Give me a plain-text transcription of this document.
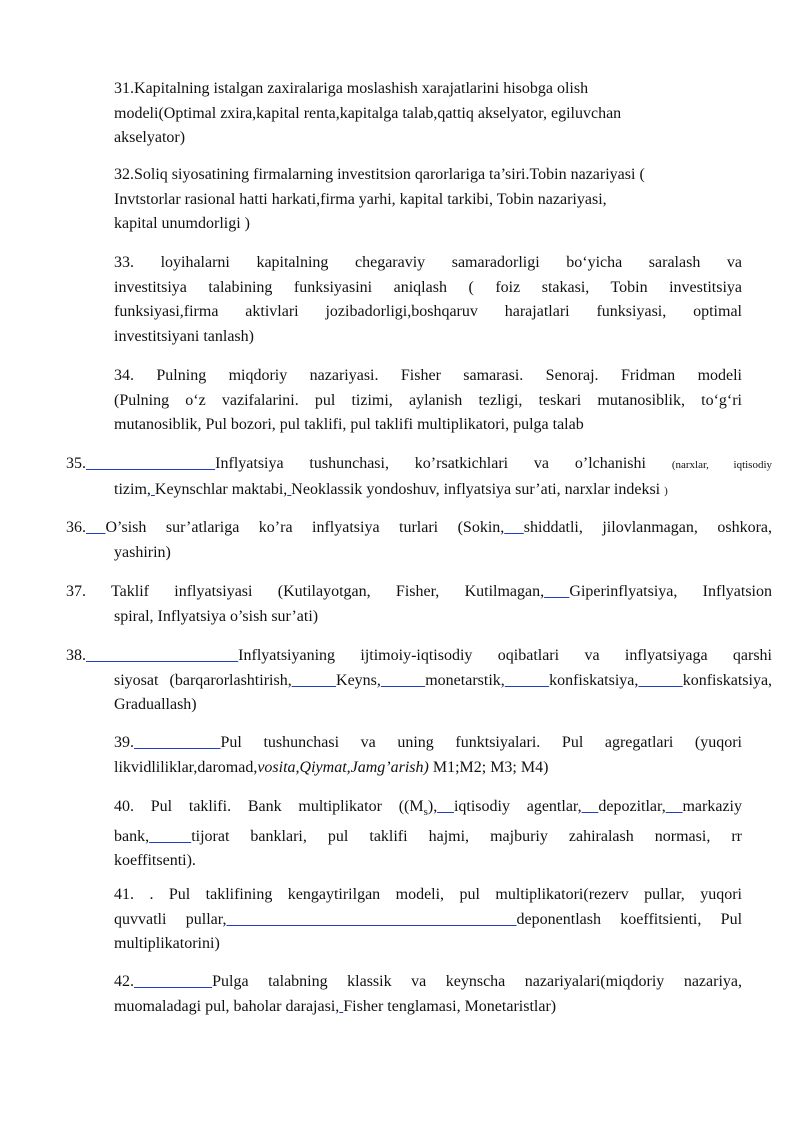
31.Kapitalning istalgan zaxiralariga moslashish xarajatlarini hisobga olish
modeli(Optimal zxira,kapital renta,kapitalga talab,qattiq akselyator, egiluvchan
akselyator)
32.Soliq siyosatining firmalarning investitsion qarorlariga ta’siri.Tobin nazariyasi (
Invtstorlar rasional hatti harkati,firma yarhi, kapital tarkibi, Tobin nazariyasi,
kapital unumdorligi )
33. loyihalarni kapitalning chegaraviy samaradorligi bo‘yicha saralash va
investitsiya talabining funksiyasini aniqlash ( foiz stakasi, Tobin investitsiya
funksiyasi,firma aktivlari jozibadorligi,boshqaruv harajatlari funksiyasi, optimal
investitsiyani tanlash)
34. Pulning miqdoriy nazariyasi. Fisher samarasi. Senoraj. Fridman modeli
(Pulning o‘z vazifalarini. pul tizimi, aylanish tezligi, teskari mutanosiblik, to‘g‘ri
mutanosiblik, Pul bozori, pul taklifi, pul taklifi multiplikatori, pulga talab
35.	Inflyatsiya tushunchasi, ko’rsatkichlari va o’lchanishi (narxlar, iqtisodiy
tizim, Keynschlar maktabi, Neoklassik yondoshuv, inflyatsiya sur’ati, narxlar indeksi )
36. O’sish sur’atlariga ko’ra inflyatsiya turlari (Sokin, shiddatli, jilovlanmagan, oshkora,
yashirin)
37. Taklif inflyatsiyasi (Kutilayotgan, Fisher, Kutilmagan, Giperinflyatsiya, Inflyatsion
spiral, Inflyatsiya o’sish sur’ati)
38.	Inflyatsiyaning ijtimoiy-iqtisodiy oqibatlari va inflyatsiyaga qarshi
siyosat (barqarorlashtirish,	Keyns,	monetarstik,	konfiskatsiya,	konfiskatsiya,
Graduallash)
39.	Pul tushunchasi va uning funktsiyalari. Pul agregatlari (yuqori
likvidliliklar,daromad,vosita,Qiymat,Jamg’arish) M1;M2; M3; M4)
40. Pul taklifi. Bank multiplikator ($(M_s)$, iqtisodiy agentlar, depozitlar, markaziy
bank,	tijorat banklari, pul taklifi hajmi, majburiy zahiralash normasi, rr
koeffitsenti).
41. . Pul taklifining kengaytirilgan modeli, pul multiplikatori(rezerv pullar, yuqori
quvvatli pullar,	deponentlash koeffitsienti, Pul
multiplikatorini)
42.	Pulga talabning klassik va keynscha nazariyalari(miqdoriy nazariya,
muomaladagi pul, baholar darajasi, Fisher tenglamasi, Monetaristlar)
